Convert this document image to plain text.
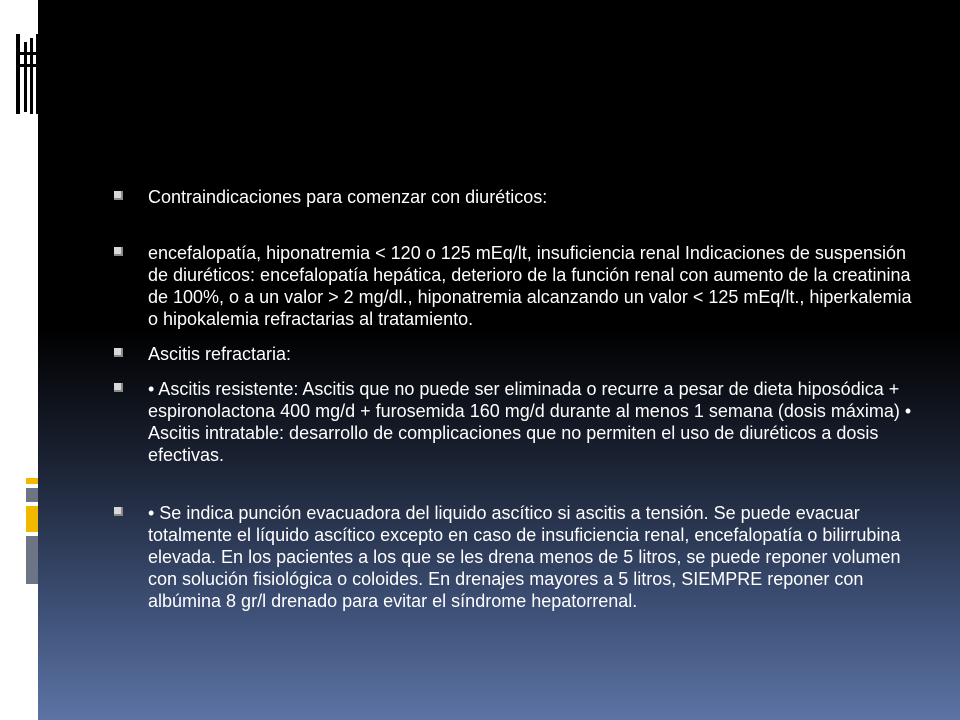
Contraindicaciones para comenzar con diuréticos:

encefalopatía, hiponatremia < 120 o 125 mEq/lt, insuficiencia renal Indicaciones de suspensión de diuréticos: encefalopatía hepática, deterioro de la función renal con aumento de la creatinina de 100%, o a un valor > 2 mg/dl., hiponatremia alcanzando un valor < 125 mEq/lt., hiperkalemia o hipokalemia refractarias al tratamiento.

Ascitis refractaria:

• Ascitis resistente: Ascitis que no puede ser eliminada o recurre a pesar de dieta hiposódica + espironolactona 400 mg/d + furosemida 160 mg/d durante al menos 1 semana (dosis máxima) • Ascitis intratable: desarrollo de complicaciones que no permiten el uso de diuréticos a dosis efectivas.

• Se indica punción evacuadora del liquido ascítico si ascitis a tensión. Se puede evacuar totalmente el líquido ascítico excepto en caso de insuficiencia renal, encefalopatía o bilirrubina elevada. En los pacientes a los que se les drena menos de 5 litros, se puede reponer volumen con solución fisiológica o coloides. En drenajes mayores a 5 litros, SIEMPRE reponer con albúmina 8 gr/l drenado para evitar el síndrome hepatorrenal.
